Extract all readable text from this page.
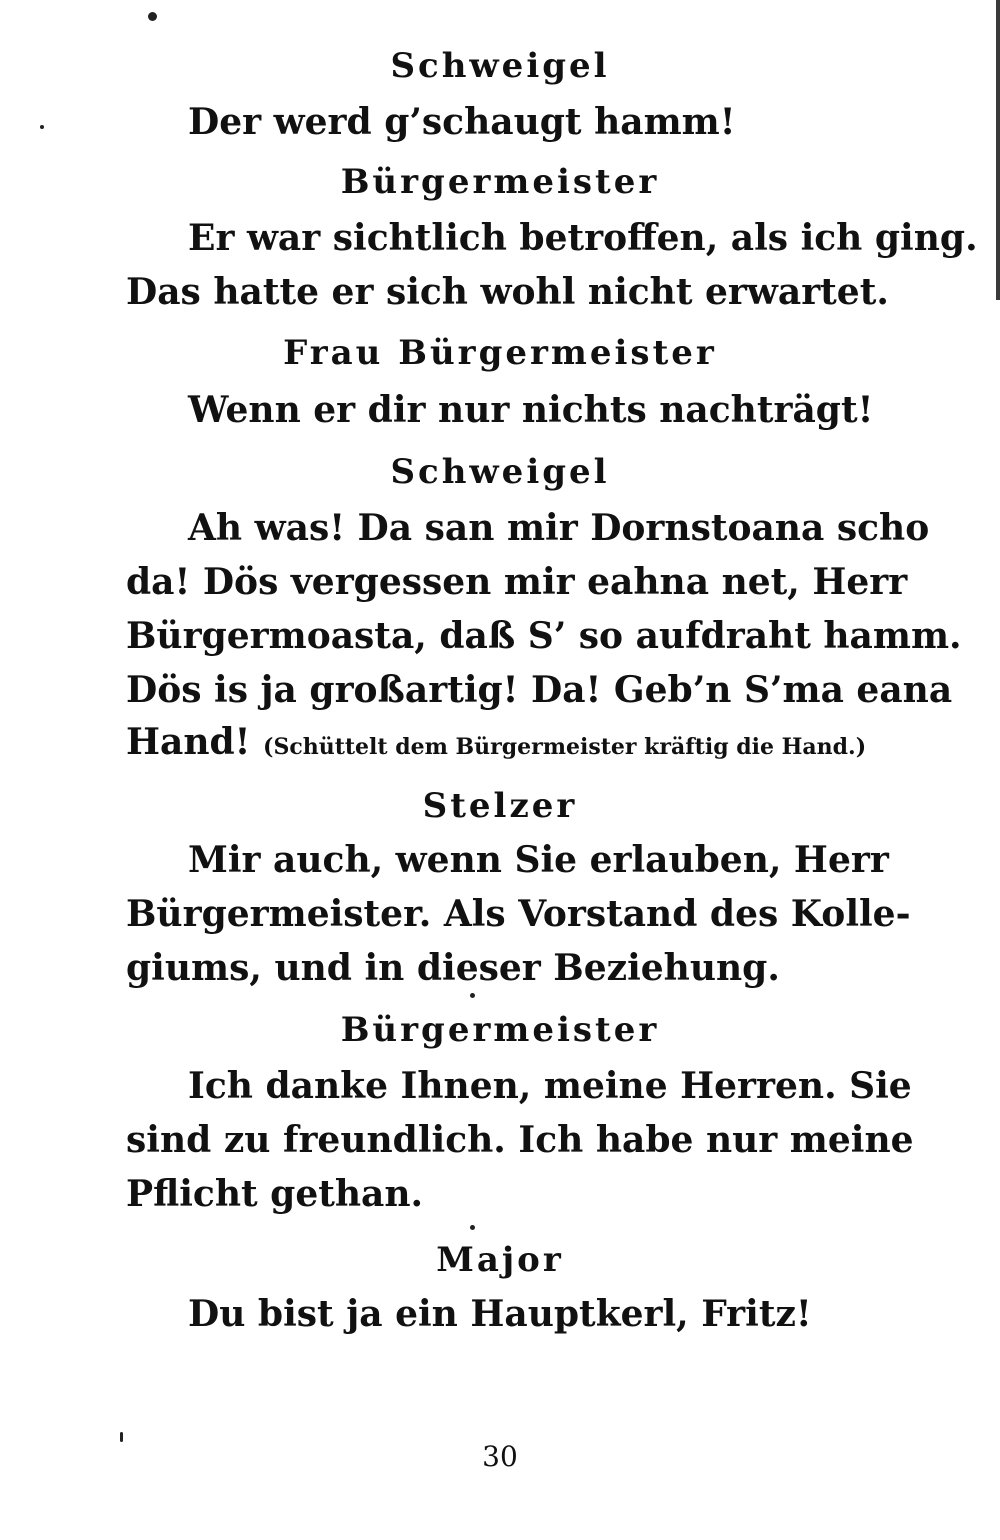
Schweigel
Der werd g’schaugt hamm!
Bürgermeister
Er war sichtlich betroffen, als ich ging.
Das hatte er sich wohl nicht erwartet.
Frau Bürgermeister
Wenn er dir nur nichts nachträgt!
Schweigel
Ah was! Da san mir Dornstoana scho
da! Dös vergessen mir eahna net, Herr
Bürgermoasta, daß S’ so aufdraht hamm.
Dös is ja großartig! Da! Geb’n S’ma eana
Hand! (Schüttelt dem Bürgermeister kräftig die Hand.)
Stelzer
Mir auch, wenn Sie erlauben, Herr
Bürgermeister. Als Vorstand des Kolle-
giums, und in dieser Beziehung.
Bürgermeister
Ich danke Ihnen, meine Herren. Sie
sind zu freundlich. Ich habe nur meine
Pflicht gethan.
Major
Du bist ja ein Hauptkerl, Fritz!
30
